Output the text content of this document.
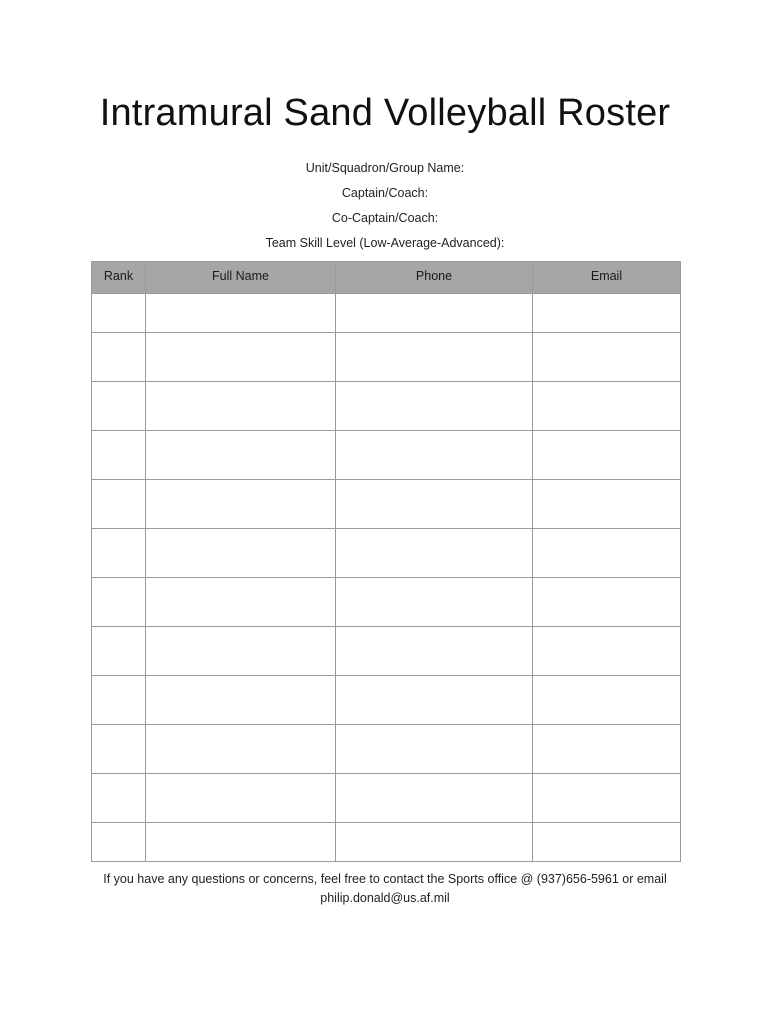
Intramural Sand Volleyball Roster
Unit/Squadron/Group Name:
Captain/Coach:
Co-Captain/Coach:
Team Skill Level (Low-Average-Advanced):
Rank	Full Name	Phone	Email

If you have any questions or concerns, feel free to contact the Sports office @ (937)656-5961 or email
philip.donald@us.af.mil
